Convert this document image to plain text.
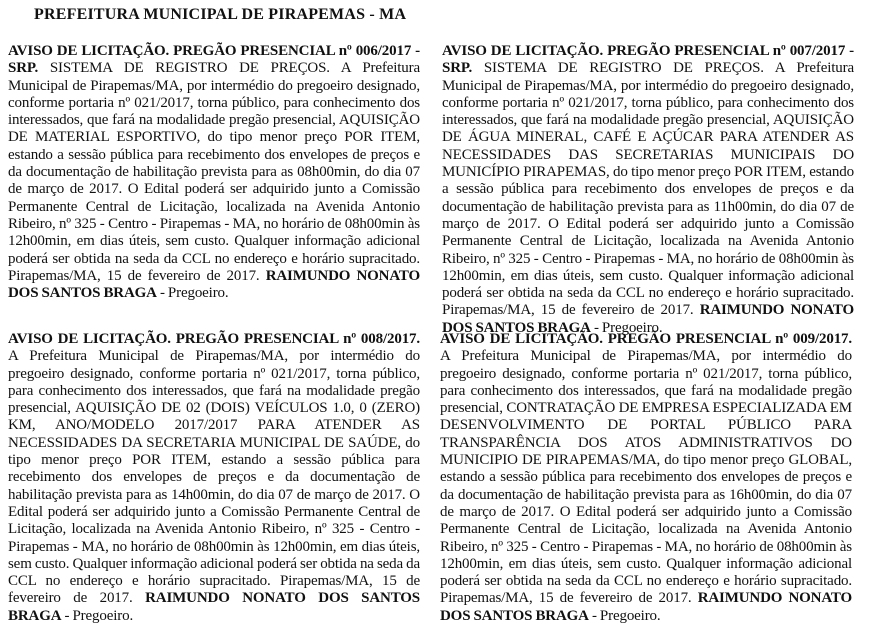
PREFEITURA MUNICIPAL DE PIRAPEMAS - MA
AVISO DE LICITAÇÃO. PREGÃO PRESENCIAL nº 006/2017 - SRP. SISTEMA DE REGISTRO DE PREÇOS. A Prefeitura Municipal de Pirapemas/MA, por intermédio do pregoeiro designado, conforme portaria nº 021/2017, torna público, para conhecimento dos interessados, que fará na modalidade pregão presencial, AQUISIÇÃO DE MATERIAL ESPORTIVO, do tipo menor preço POR ITEM, estando a sessão pública para recebimento dos envelopes de preços e da documentação de habilitação prevista para as 08h00min, do dia 07 de março de 2017. O Edital poderá ser adquirido junto a Comissão Permanente Central de Licitação, localizada na Avenida Antonio Ribeiro, nº 325 - Centro - Pirapemas - MA, no horário de 08h00min às 12h00min, em dias úteis, sem custo. Qualquer informação adicional poderá ser obtida na seda da CCL no endereço e horário supracitado. Pirapemas/MA, 15 de fevereiro de 2017. RAIMUNDO NONATO DOS SANTOS BRAGA - Pregoeiro.
AVISO DE LICITAÇÃO. PREGÃO PRESENCIAL nº 007/2017 - SRP. SISTEMA DE REGISTRO DE PREÇOS. A Prefeitura Municipal de Pirapemas/MA, por intermédio do pregoeiro designado, conforme portaria nº 021/2017, torna público, para conhecimento dos interessados, que fará na modalidade pregão presencial, AQUISIÇÃO DE ÁGUA MINERAL, CAFÉ E AÇÚCAR PARA ATENDER AS NECESSIDADES DAS SECRETARIAS MUNICIPAIS DO MUNICÍPIO PIRAPEMAS, do tipo menor preço POR ITEM, estando a sessão pública para recebimento dos envelopes de preços e da documentação de habilitação prevista para as 11h00min, do dia 07 de março de 2017. O Edital poderá ser adquirido junto a Comissão Permanente Central de Licitação, localizada na Avenida Antonio Ribeiro, nº 325 - Centro - Pirapemas - MA, no horário de 08h00min às 12h00min, em dias úteis, sem custo. Qualquer informação adicional poderá ser obtida na seda da CCL no endereço e horário supracitado. Pirapemas/MA, 15 de fevereiro de 2017. RAIMUNDO NONATO DOS SANTOS BRAGA - Pregoeiro.
AVISO DE LICITAÇÃO. PREGÃO PRESENCIAL nº 008/2017. A Prefeitura Municipal de Pirapemas/MA, por intermédio do pregoeiro designado, conforme portaria nº 021/2017, torna público, para conhecimento dos interessados, que fará na modalidade pregão presencial, AQUISIÇÃO DE 02 (DOIS) VEÍCULOS 1.0, 0 (ZERO) KM, ANO/MODELO 2017/2017 PARA ATENDER AS NECESSIDADES DA SECRETARIA MUNICIPAL DE SAÚDE, do tipo menor preço POR ITEM, estando a sessão pública para recebimento dos envelopes de preços e da documentação de habilitação prevista para as 14h00min, do dia 07 de março de 2017. O Edital poderá ser adquirido junto a Comissão Permanente Central de Licitação, localizada na Avenida Antonio Ribeiro, nº 325 - Centro - Pirapemas - MA, no horário de 08h00min às 12h00min, em dias úteis, sem custo. Qualquer informação adicional poderá ser obtida na seda da CCL no endereço e horário supracitado. Pirapemas/MA, 15 de fevereiro de 2017. RAIMUNDO NONATO DOS SANTOS BRAGA - Pregoeiro.
AVISO DE LICITAÇÃO. PREGÃO PRESENCIAL nº 009/2017. A Prefeitura Municipal de Pirapemas/MA, por intermédio do pregoeiro designado, conforme portaria nº 021/2017, torna público, para conhecimento dos interessados, que fará na modalidade pregão presencial, CONTRATAÇÃO DE EMPRESA ESPECIALIZADA EM DESENVOLVIMENTO DE PORTAL PÚBLICO PARA TRANSPARÊNCIA DOS ATOS ADMINISTRATIVOS DO MUNICIPIO DE PIRAPEMAS/MA, do tipo menor preço GLOBAL, estando a sessão pública para recebimento dos envelopes de preços e da documentação de habilitação prevista para as 16h00min, do dia 07 de março de 2017. O Edital poderá ser adquirido junto a Comissão Permanente Central de Licitação, localizada na Avenida Antonio Ribeiro, nº 325 - Centro - Pirapemas - MA, no horário de 08h00min às 12h00min, em dias úteis, sem custo. Qualquer informação adicional poderá ser obtida na seda da CCL no endereço e horário supracitado. Pirapemas/MA, 15 de fevereiro de 2017. RAIMUNDO NONATO DOS SANTOS BRAGA - Pregoeiro.
